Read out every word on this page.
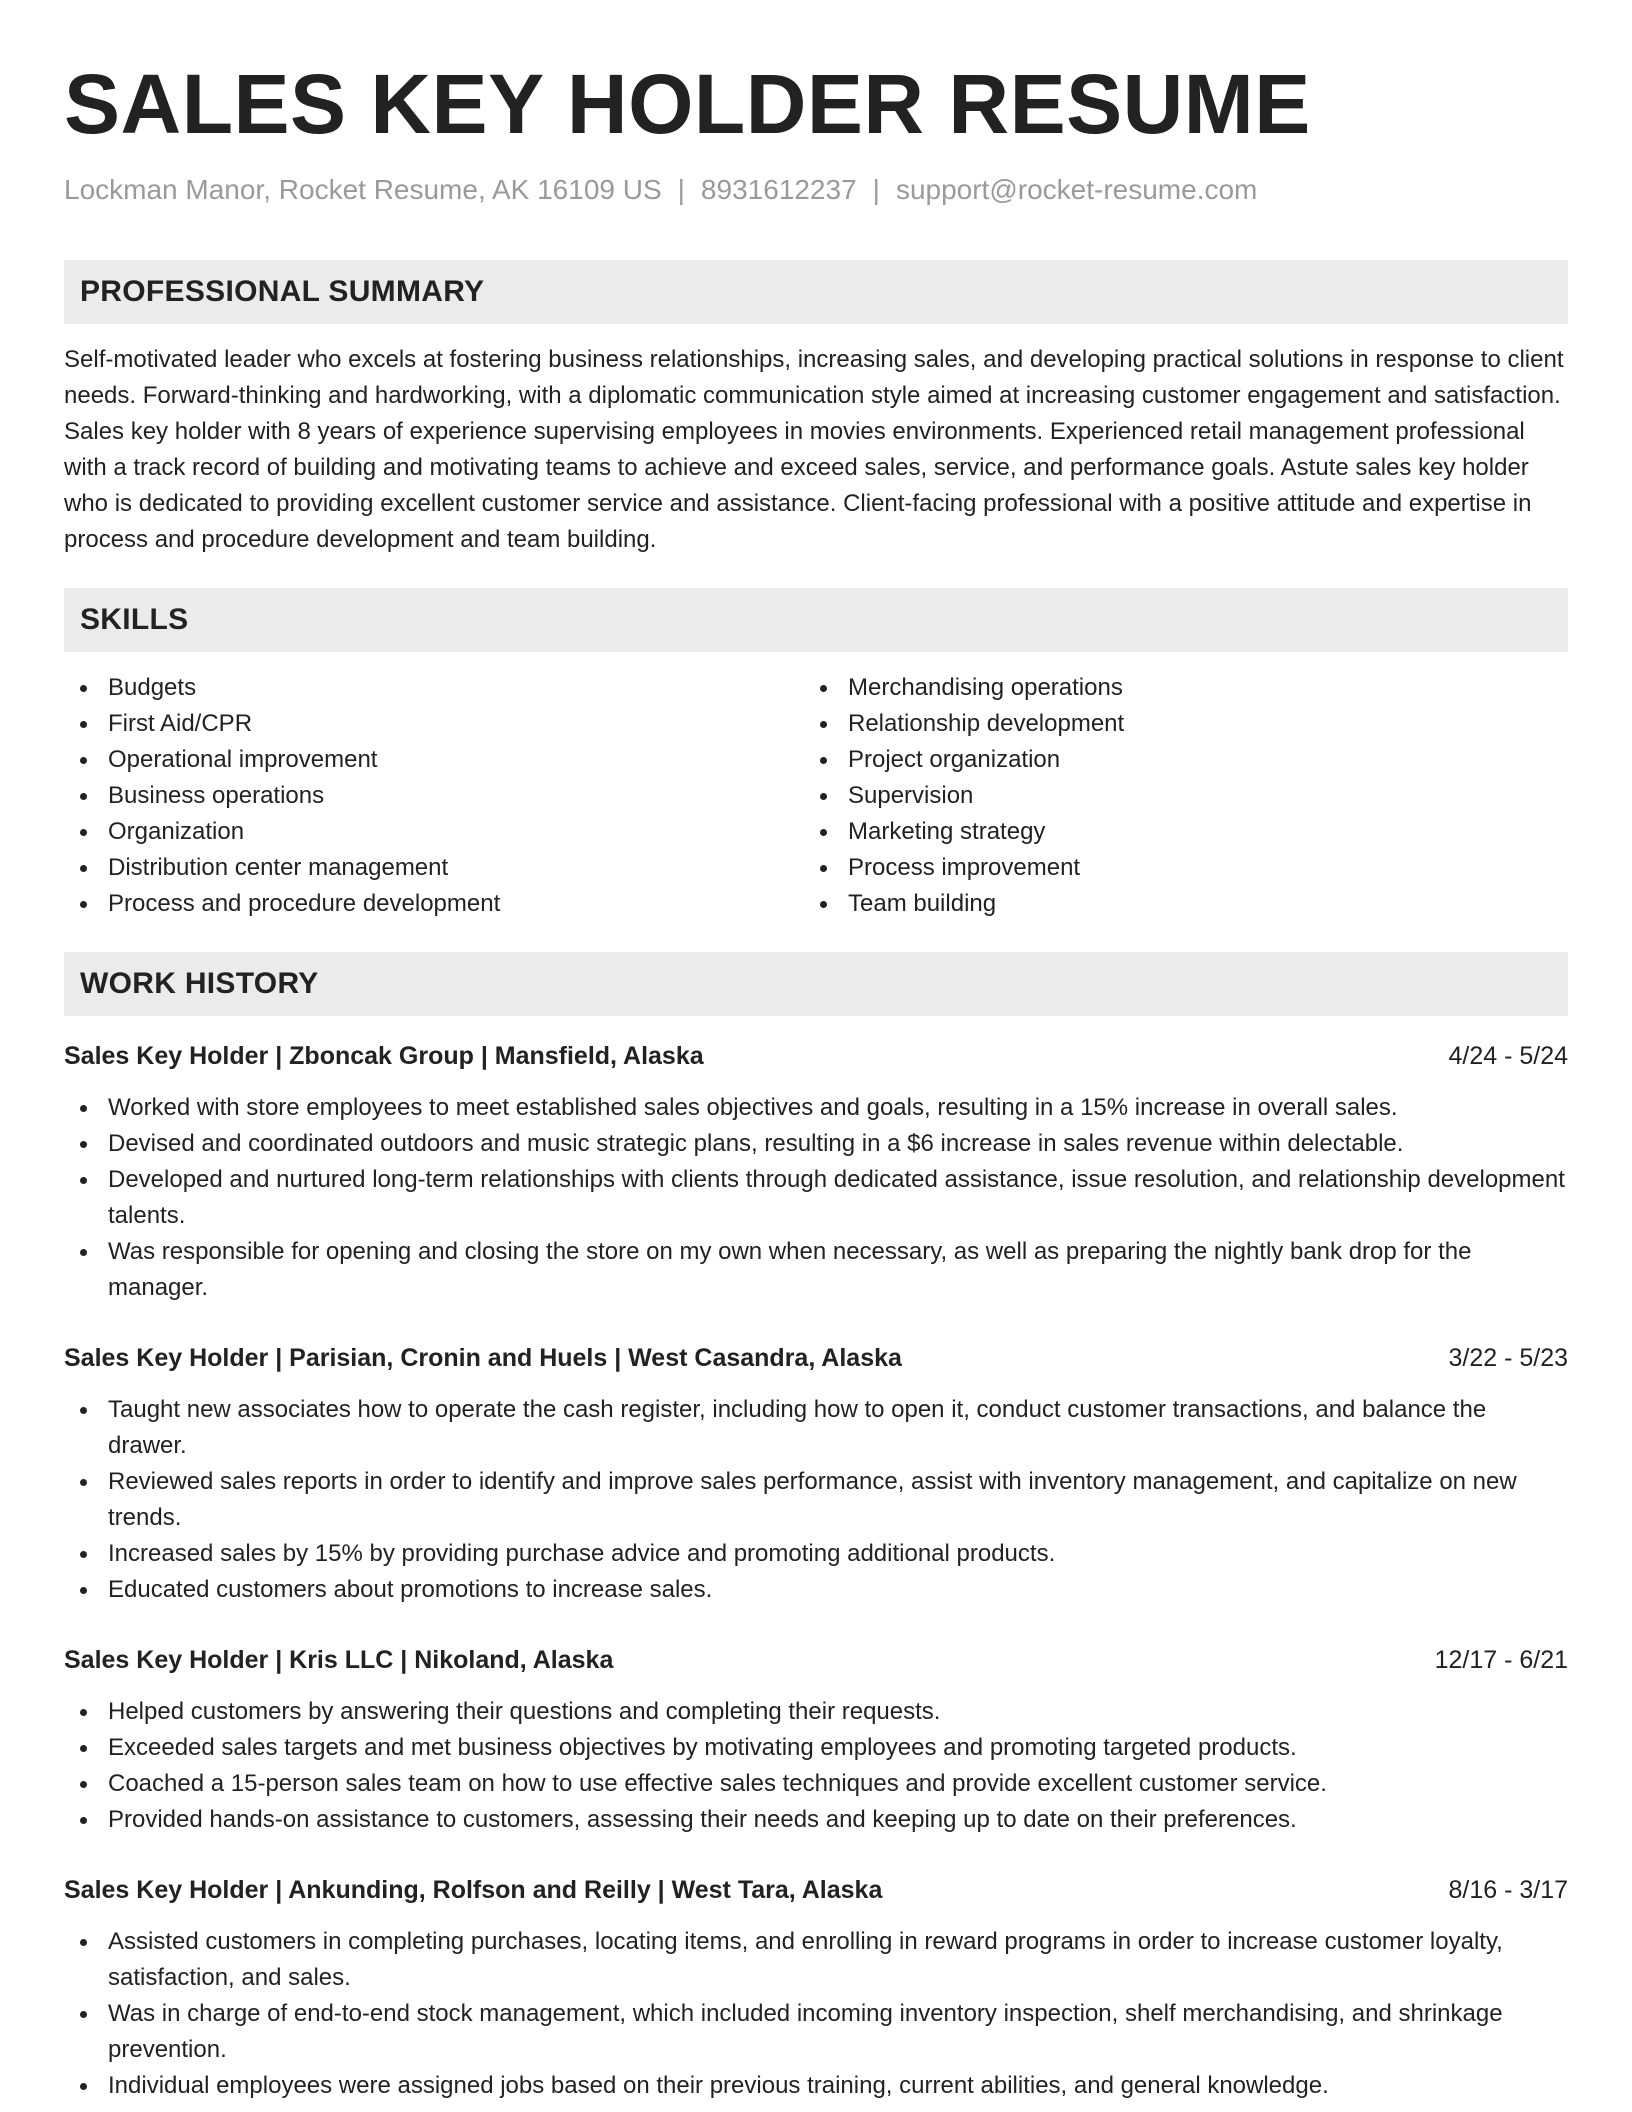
SALES KEY HOLDER RESUME
Lockman Manor, Rocket Resume, AK 16109 US | 8931612237 | support@rocket-resume.com
PROFESSIONAL SUMMARY

Self-motivated leader who excels at fostering business relationships, increasing sales, and developing practical solutions in response to client needs. Forward-thinking and hardworking, with a diplomatic communication style aimed at increasing customer engagement and satisfaction. Sales key holder with 8 years of experience supervising employees in movies environments. Experienced retail management professional with a track record of building and motivating teams to achieve and exceed sales, service, and performance goals. Astute sales key holder who is dedicated to providing excellent customer service and assistance. Client-facing professional with a positive attitude and expertise in process and procedure development and team building.

SKILLS
Budgets
First Aid/CPR
Operational improvement
Business operations
Organization
Distribution center management
Process and procedure development
Merchandising operations
Relationship development
Project organization
Supervision
Marketing strategy
Process improvement
Team building
WORK HISTORY
Sales Key Holder | Zboncak Group | Mansfield, Alaska	4/24 - 5/24
Worked with store employees to meet established sales objectives and goals, resulting in a 15% increase in overall sales.
Devised and coordinated outdoors and music strategic plans, resulting in a $6 increase in sales revenue within delectable.
Developed and nurtured long-term relationships with clients through dedicated assistance, issue resolution, and relationship development talents.
Was responsible for opening and closing the store on my own when necessary, as well as preparing the nightly bank drop for the manager.
Sales Key Holder | Parisian, Cronin and Huels | West Casandra, Alaska	3/22 - 5/23
Taught new associates how to operate the cash register, including how to open it, conduct customer transactions, and balance the drawer.
Reviewed sales reports in order to identify and improve sales performance, assist with inventory management, and capitalize on new trends.
Increased sales by 15% by providing purchase advice and promoting additional products.
Educated customers about promotions to increase sales.
Sales Key Holder | Kris LLC | Nikoland, Alaska	12/17 - 6/21
Helped customers by answering their questions and completing their requests.
Exceeded sales targets and met business objectives by motivating employees and promoting targeted products.
Coached a 15-person sales team on how to use effective sales techniques and provide excellent customer service.
Provided hands-on assistance to customers, assessing their needs and keeping up to date on their preferences.
Sales Key Holder | Ankunding, Rolfson and Reilly | West Tara, Alaska	8/16 - 3/17
Assisted customers in completing purchases, locating items, and enrolling in reward programs in order to increase customer loyalty, satisfaction, and sales.
Was in charge of end-to-end stock management, which included incoming inventory inspection, shelf merchandising, and shrinkage prevention.
Individual employees were assigned jobs based on their previous training, current abilities, and general knowledge.
